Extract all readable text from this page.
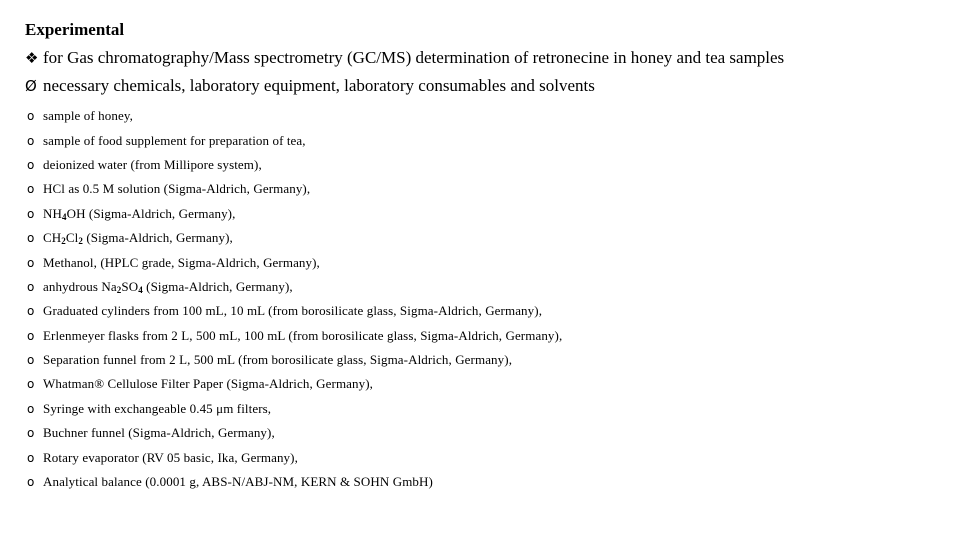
Experimental
❖ for Gas chromatography/Mass spectrometry (GC/MS) determination of retronecine in honey and tea samples
Ø necessary chemicals, laboratory equipment, laboratory consumables and solvents
o sample of honey,
o sample of food supplement for preparation of tea,
o deionized water (from Millipore system),
o HCl as 0.5 M solution (Sigma-Aldrich, Germany),
o $NH_4OH$ (Sigma-Aldrich, Germany),
o $CH_2Cl_2$ (Sigma-Aldrich, Germany),
o Methanol, (HPLC grade, Sigma-Aldrich, Germany),
o anhydrous $Na_2SO_4$ (Sigma-Aldrich, Germany),
o Graduated cylinders from 100 mL, 10 mL (from borosilicate glass, Sigma-Aldrich, Germany),
o Erlenmeyer flasks from 2 L, 500 mL, 100 mL (from borosilicate glass, Sigma-Aldrich, Germany),
o Separation funnel from 2 L, 500 mL (from borosilicate glass, Sigma-Aldrich, Germany),
o Whatman® Cellulose Filter Paper (Sigma-Aldrich, Germany),
o Syringe with exchangeable 0.45 μm filters,
o Buchner funnel (Sigma-Aldrich, Germany),
o Rotary evaporator (RV 05 basic, Ika, Germany),
o Analytical balance (0.0001 g, ABS-N/ABJ-NM, KERN & SOHN GmbH)
